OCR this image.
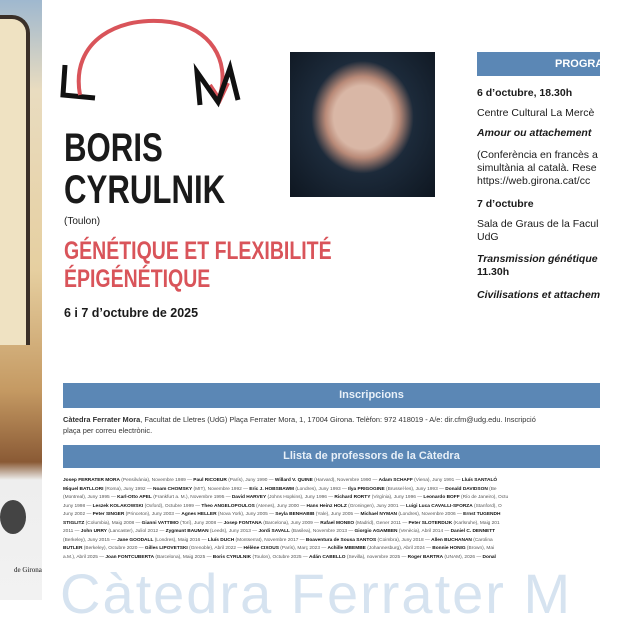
de Girona
BORIS
CYRULNIK
(Toulon)
GÉNÉTIQUE ET FLEXIBILITÉ
ÉPIGÉNÉTIQUE
6 i 7 d’octubre de 2025
PROGRAMA
6 d’octubre, 18.30h
Centre Cultural La Mercè
Amour ou attachement
(Conferència en francès a
simultània al català. Rese
https://web.girona.cat/cc
7 d’octubre
Sala de Graus de la Facul
UdG
Transmission génétique
11.30h
Civilisations et attachem
Inscripcions
Càtedra Ferrater Mora, Facultat de Lletres (UdG) Plaça Ferrater Mora, 1, 17004 Girona. Telèfon: 972 418019 - A/e: dir.cfm@udg.edu. Inscripció
plaça per correu electrònic.
Llista de professors de la Càtedra
Josep FERRATER MORA (Pensilvània), Novembre 1989 — Paul RICOEUR (París), Juny 1990 — Willard V. QUINE (Harvard), Novembre 1990 — Adam SCHAFF (Viena), Juny 1991 — Lluís SANTALÓ
Miquel BATLLORI (Roma), Juny 1992 — Noam CHOMSKY (MIT), Novembre 1992 — Eric J. HOBSBAWM (Londres), Juny 1993 — Ilya PRIGOGINE (Brussel·les), Juny 1993 — Donald DAVIDSON (Be
(Montreal), Juny 1995 — Karl-Otto APEL (Frankfurt a. M.), Novembre 1995 — David HARVEY (Johns Hopkins), Juny 1996 — Richard RORTY (Virgínia), Juny 1996 — Leonardo BOFF (Río de Janeiro), Octu
Juny 1998 — Leszek KOLAKOWSKI (Oxford), Octubre 1999 — Theo ANGELOPOULOS (Atenes), Juny 2000 — Hans Heinz HOLZ (Groningen), Juny 2001 — Luigi Luca CAVALLI-SFORZA (Stanford), O
Juny 2002 — Peter SINGER (Princeton), Juny 2003 — Agnes HELLER (Nova York), Juny 2005 — Seyla BENHABIB (Yale), Juny 2005 — Michael NYMAN (Londres), Novembre 2006 — Ernst TUGENDH
STIGLITZ (Columbia), Maig 2008 — Gianni VATTIMO (Torí), Juny 2008 — Josep FONTANA (Barcelona), Juny 2009 — Rafael MONEO (Madrid), Gener 2011 — Peter SLOTERDIJK (Karlsruhe), Maig 201
2011 — John URRY (Lancaster), Juliol 2012 — Zygmunt BAUMAN (Leeds), Juny 2013 — Jordi SAVALL (Basilea), Novembre 2013 — Giorgio AGAMBEN (Venècia), Abril 2014 — Daniel C. DENNETT
(Berkeley), Juny 2015 — Jane GOODALL (Londres), Maig 2016 — Lluís DUCH (Montserrat), Novembre 2017 — Boaventura de Sousa SANTOS (Coimbra), Juny 2018 — Allen BUCHANAN (Carolina
BUTLER (Berkeley), Octubre 2020 — Gilles LIPOVETSKI (Grenoble), Abril 2022 — Hélène CIXOUS (París), Març 2023 — Achille MBEMBE (Johannesburg), Abril 2024 — Bonnie HONIG (Brown), Mai
a.M.), Abril 2025 — Joan FONTCUBERTA (Barcelona), Maig 2025 — Boris CYRULNIK (Toulon), Octubre 2025 — Adán CABELLO (Sevilla), novembre 2025 — Roger BARTRA (UNAM), 2026 — Donal
Càtedra Ferrater M
